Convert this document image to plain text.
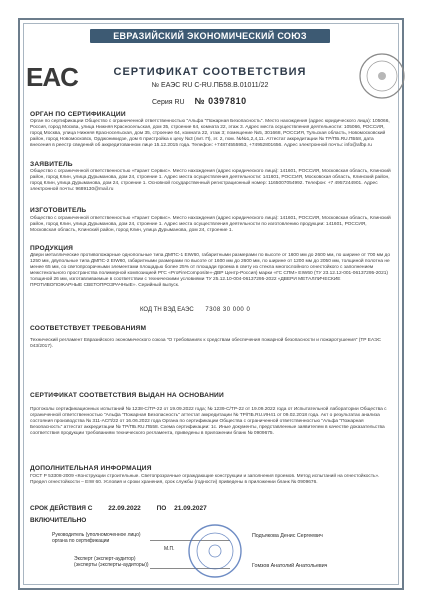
ЕВРАЗИЙСКИЙ ЭКОНОМИЧЕСКИЙ СОЮЗ
EAC	СЕРТИФИКАТ СООТВЕТСТВИЯ
№ ЕАЭС RU С-RU.ПБ58.В.01011/22
Серия RU № 0397810
ОРГАН ПО СЕРТИФИКАЦИИ
Орган по сертификации Общество с ограниченной ответственностью "Альфа "Пожарная Безопасность". Место нахождения (адрес юридического лица): 105066, Россия, город Москва, улица Нижняя Красносельская, дом 35, строение 64, комната 22, этаж 3. Адрес места осуществления деятельности: 105066, РОССИЯ, город Москва, улица Нижняя Красносельская, дом 35, строение 64, комната 22, этаж 3; помещение №5, 301668, РОССИЯ, Тульская область, Новомосковский район, город Новомосковск, Орджоникидзе, дом 6 пристройка к цеху №3 (лит. П), эт. 2, пом. №№1,2,4,11. Аттестат аккредитации № ТР/ПБ.RU.ПБ58, дата внесения в реестр сведений об аккредитованном лице 15.12.2015 года. Телефон: +74874555953, +74952801656. Адрес электронной почты: info@afbp.ru
ЗАЯВИТЕЛЬ
Общество с ограниченной ответственностью «Гарант Сервис». Место нахождения (адрес юридического лица): 141601, РОССИЯ, Московская область, Клинский район, город Клин, улица Дурыманова, дом 24, строение 1. Адрес места осуществления деятельности: 141601, РОССИЯ, Московская область, Клинский район, город Клин, улица Дурыманова, дом 24, строение 1. Основной государственный регистрационный номер: 1165007054992. Телефон: +7 4957244901. Адрес электронной почты: 9689130@mail.ru
ИЗГОТОВИТЕЛЬ
Общество с ограниченной ответственностью «Гарант Сервис». Место нахождения (адрес юридического лица): 141601, РОССИЯ, Московская область, Клинский район, город Клин, улица Дурыманова, дом 24, строение 1. Адрес места осуществления деятельности по изготовлению продукции: 141601, РОССИЯ, Московская область, Клинский район, город Клин, улица Дурыманова, дом 24, строение 1.
ПРОДУКЦИЯ
Двери металлические противопожарные однопольные типа ДМПС-1 EIW60, габаритными размерами по высоте от 1600 мм до 2600 мм, по ширине от 700 мм до 1250 мм, двупольные типа ДМПС-2 EIW60, габаритными размерами по высоте от 1600 мм до 2600 мм, по ширине от 1200 мм до 2050 мм, толщиной полотна не менее 65 мм, со светопрозрачными элементами площадью более 25% от площади проема в свету из стекла многослойного огнестойкого с заполнением межстекольного пространства полимерной композицией РГС «РгоFireComposite»-ДВР Центр-Россия) марки «ГС СПМ» EIW60 (ТУ 23.12.12-001-06137295-2021) толщиной 26 мм, изготавливаемые в соответствии с техническими условиями ТУ 25.12.10-004-06137295-2022 «ДВЕРИ МЕТАЛЛИЧЕСКИЕ ПРОТИВОПОЖАРНЫЕ СВЕТОПРОЗРАЧНЫЕ». Серийный выпуск.
КОД ТН ВЭД ЕАЭС 7308 30 000 0
СООТВЕТСТВУЕТ ТРЕБОВАНИЯМ
Технический регламент Евразийского экономического союза "О требованиях к средствам обеспечения пожарной безопасности и пожаротушения" (ТР ЕАЭС 043/2017).
СЕРТИФИКАТ СООТВЕТСТВИЯ ВЫДАН НА ОСНОВАНИИ
Протоколы сертификационных испытаний № 1238-С/ТР-22 от 19.09.2022 года; № 1239-С/ТР-22 от 19.09.2022 года от Испытательной лаборатории Общества с ограниченной ответственностью "Альфа "Пожарная Безопасность" аттестат аккредитации № ТР/ПБ.RU.ИН41 от 09.02.2018 года. Акт о результатах анализа состояния производства № 311-АСП/22 от 16.06.2022 года Органа по сертификации Общества с ограниченной ответственностью "Альфа "Пожарная Безопасность" аттестат аккредитации № ТР/ПБ.RU.ПБ58. Схема сертификации: 1с. Иные документы, представленные заявителем в качестве доказательства соответствия продукции требованиям технического регламента, приведены в приложении бланк № 0909675.
ДОПОЛНИТЕЛЬНАЯ ИНФОРМАЦИЯ
ГОСТ Р 53308-2009 «Конструкции строительные. Светопрозрачные ограждающие конструкции и заполнения проемов. Метод испытаний на огнестойкость». Предел огнестойкости – EIW 60. Условия и сроки хранения, срок службы (годности) приведены в приложении бланк № 0909676.
СРОК ДЕЙСТВИЯ С 22.09.2022 ПО 21.09.2027
ВКЛЮЧИТЕЛЬНО
Руководитель (уполномоченное лицо) органа по сертификации
Подъякова Денис Сергеевич
Эксперт (эксперт-аудитор) (эксперты (эксперты-аудиторы))	Гомзов Анатолий Анатольевич
М.П.
